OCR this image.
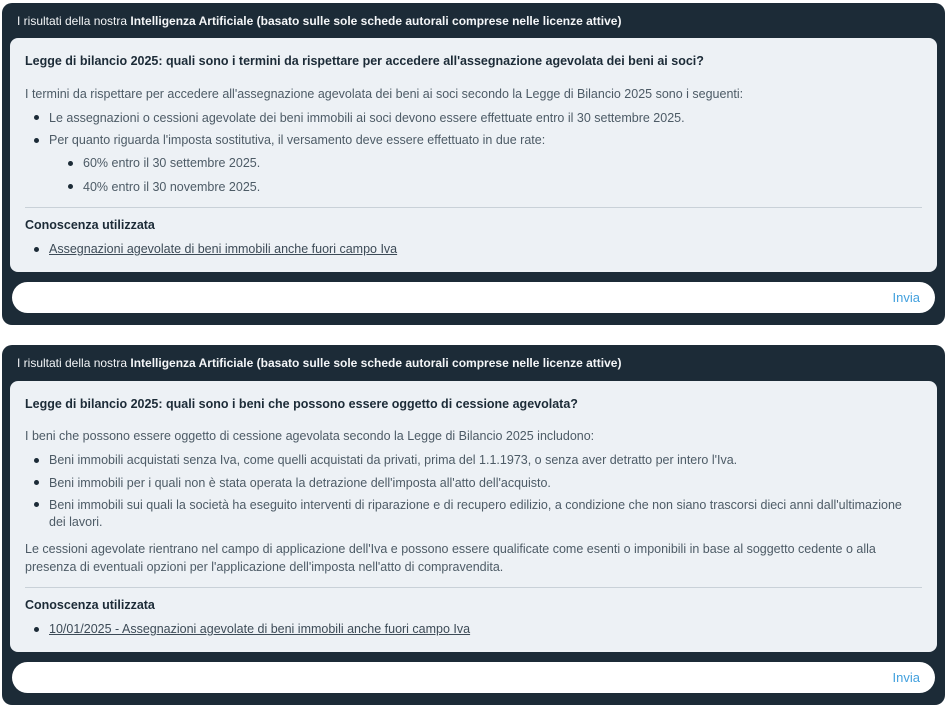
I risultati della nostra Intelligenza Artificiale (basato sulle sole schede autorali comprese nelle licenze attive)
Legge di bilancio 2025: quali sono i termini da rispettare per accedere all'assegnazione agevolata dei beni ai soci?

I termini da rispettare per accedere all'assegnazione agevolata dei beni ai soci secondo la Legge di Bilancio 2025 sono i seguenti:

Le assegnazioni o cessioni agevolate dei beni immobili ai soci devono essere effettuate entro il 30 settembre 2025.
Per quanto riguarda l'imposta sostitutiva, il versamento deve essere effettuato in due rate:
60% entro il 30 settembre 2025.
40% entro il 30 novembre 2025.
Conoscenza utilizzata
Assegnazioni agevolate di beni immobili anche fuori campo Iva
Invia
I risultati della nostra Intelligenza Artificiale (basato sulle sole schede autorali comprese nelle licenze attive)
Legge di bilancio 2025: quali sono i beni che possono essere oggetto di cessione agevolata?

I beni che possono essere oggetto di cessione agevolata secondo la Legge di Bilancio 2025 includono:

Beni immobili acquistati senza Iva, come quelli acquistati da privati, prima del 1.1.1973, o senza aver detratto per intero l'Iva.
Beni immobili per i quali non è stata operata la detrazione dell'imposta all'atto dell'acquisto.
Beni immobili sui quali la società ha eseguito interventi di riparazione e di recupero edilizio, a condizione che non siano trascorsi dieci anni dall'ultimazione dei lavori.

Le cessioni agevolate rientrano nel campo di applicazione dell'Iva e possono essere qualificate come esenti o imponibili in base al soggetto cedente o alla presenza di eventuali opzioni per l'applicazione dell'imposta nell'atto di compravendita.

Conoscenza utilizzata
10/01/2025 - Assegnazioni agevolate di beni immobili anche fuori campo Iva
Invia
